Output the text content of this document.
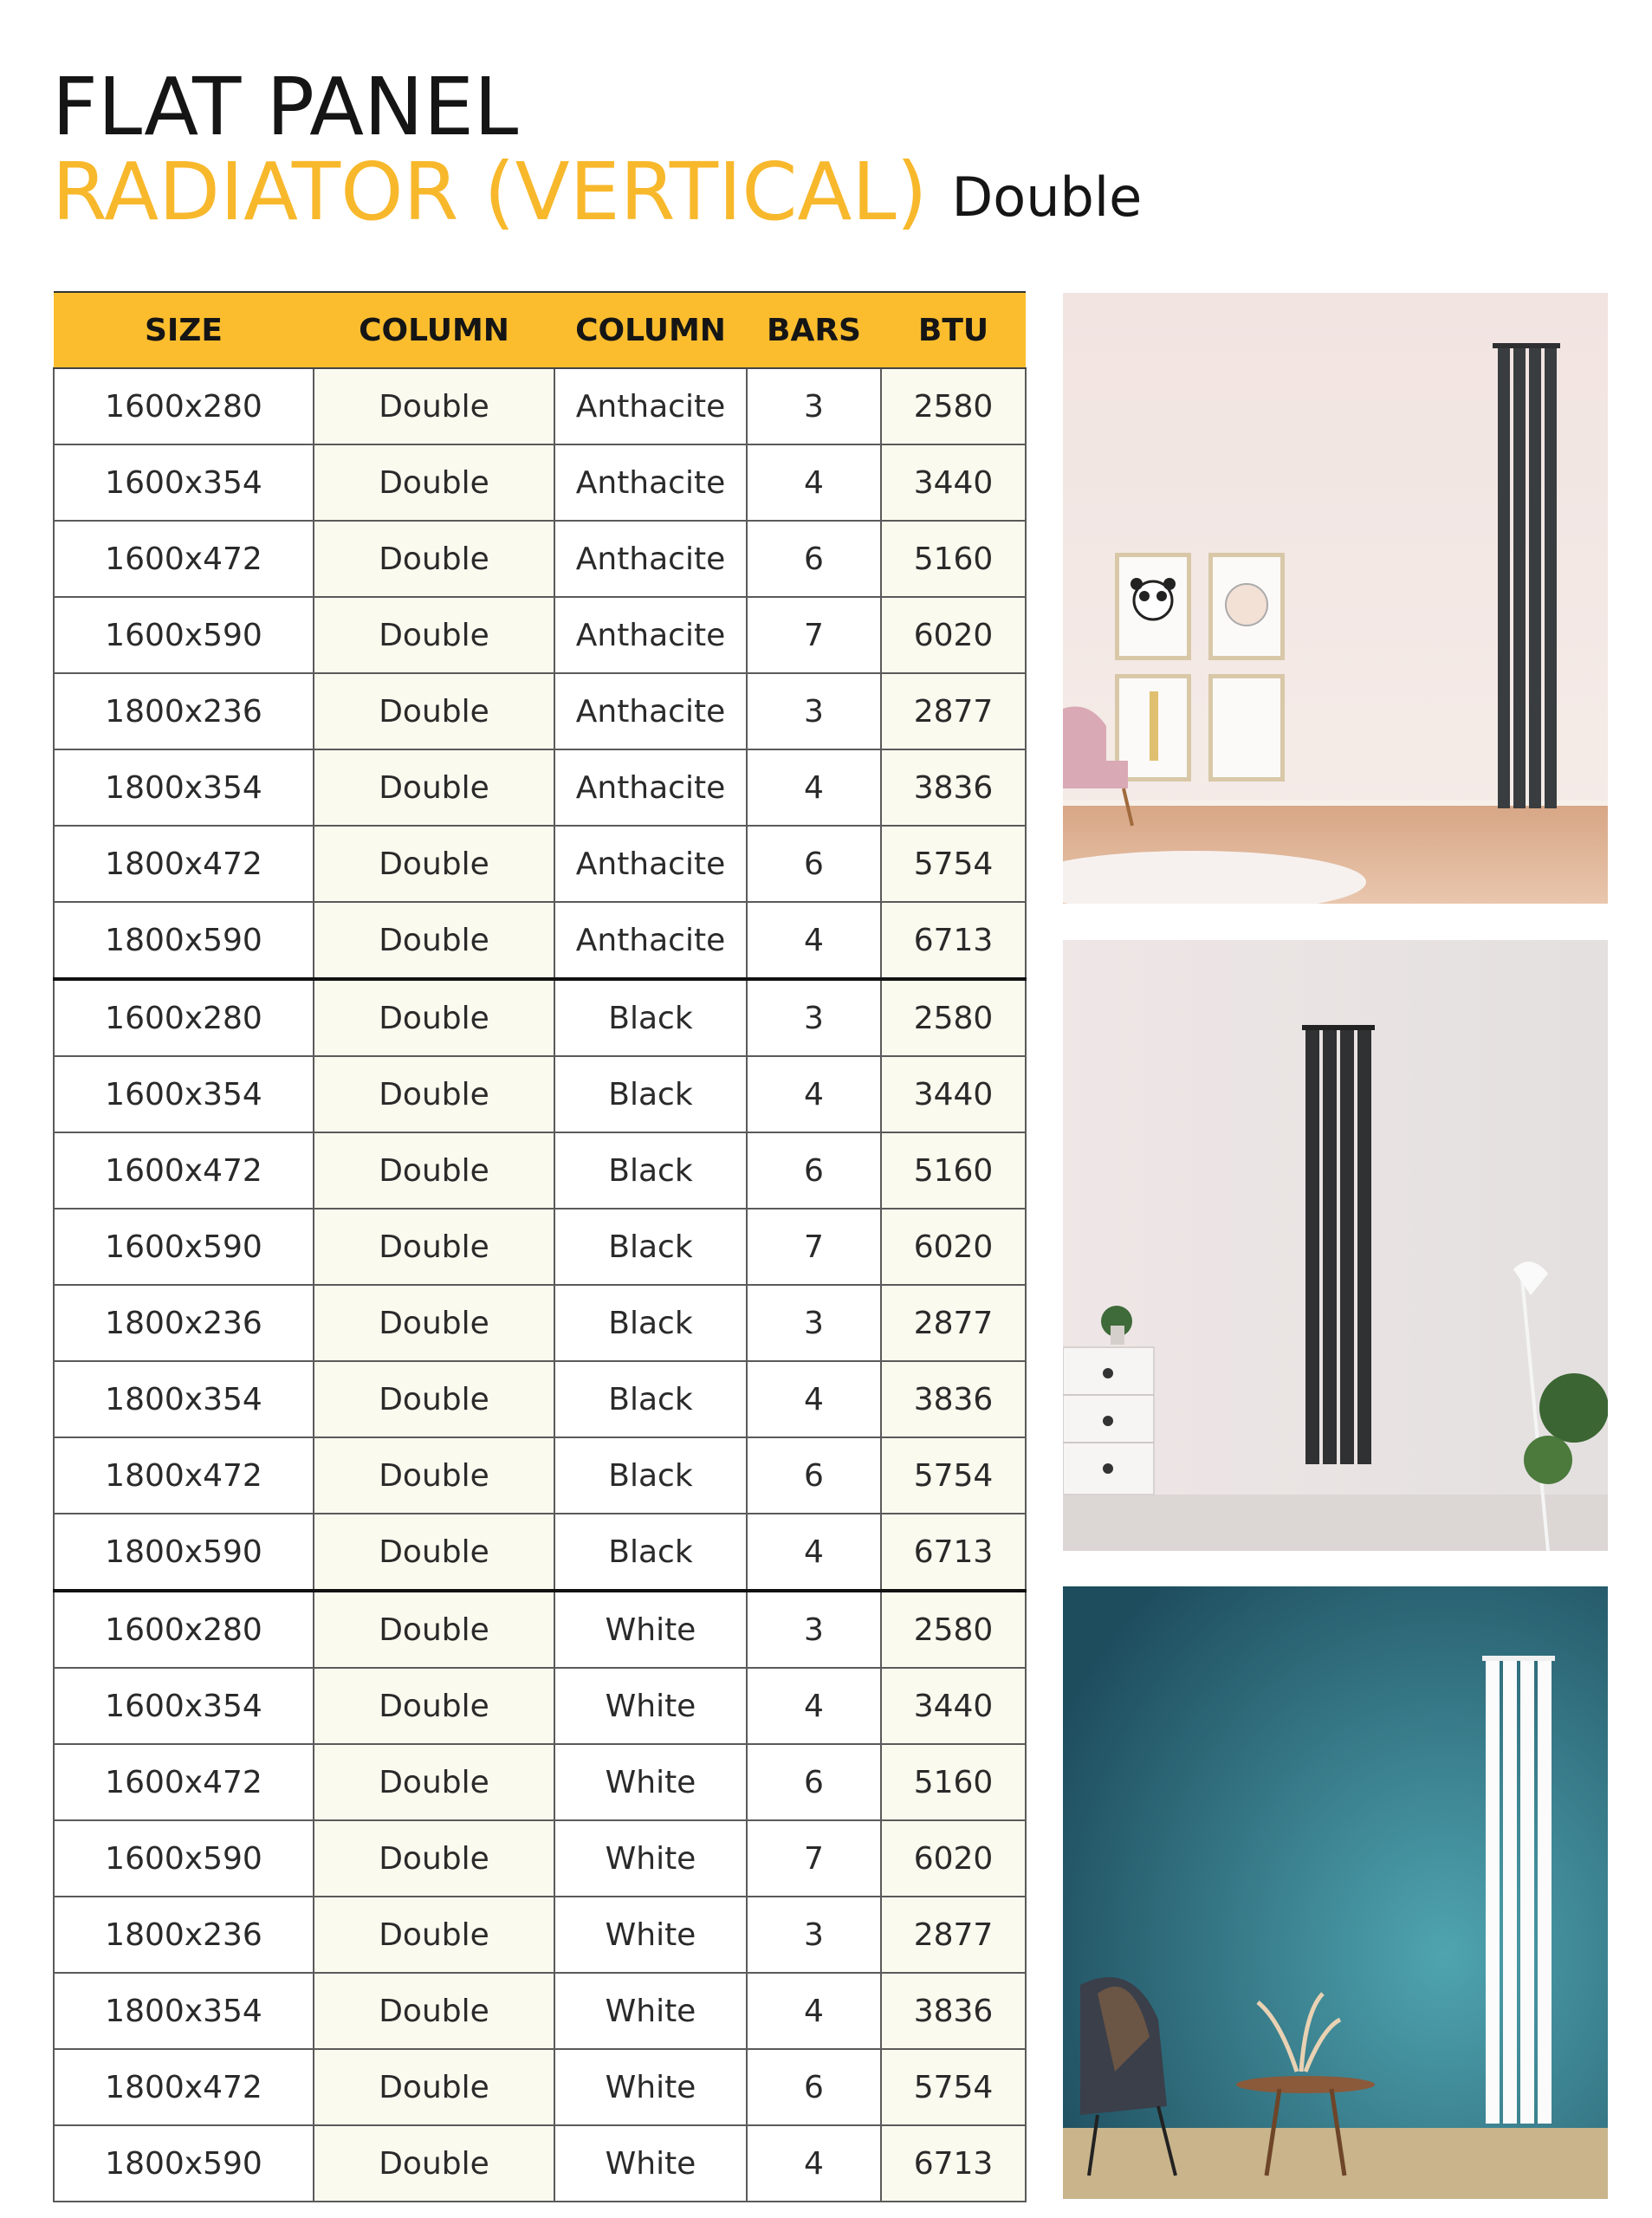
FLAT PANEL
RADIATOR (VERTICAL) Double
SIZE	COLUMN	COLUMN	BARS	BTU
1600x280	Double	Anthacite	3	2580
1600x354	Double	Anthacite	4	3440
1600x472	Double	Anthacite	6	5160
1600x590	Double	Anthacite	7	6020
1800x236	Double	Anthacite	3	2877
1800x354	Double	Anthacite	4	3836
1800x472	Double	Anthacite	6	5754
1800x590	Double	Anthacite	4	6713
1600x280	Double	Black	3	2580
1600x354	Double	Black	4	3440
1600x472	Double	Black	6	5160
1600x590	Double	Black	7	6020
1800x236	Double	Black	3	2877
1800x354	Double	Black	4	3836
1800x472	Double	Black	6	5754
1800x590	Double	Black	4	6713
1600x280	Double	White	3	2580
1600x354	Double	White	4	3440
1600x472	Double	White	6	5160
1600x590	Double	White	7	6020
1800x236	Double	White	3	2877
1800x354	Double	White	4	3836
1800x472	Double	White	6	5754
1800x590	Double	White	4	6713
